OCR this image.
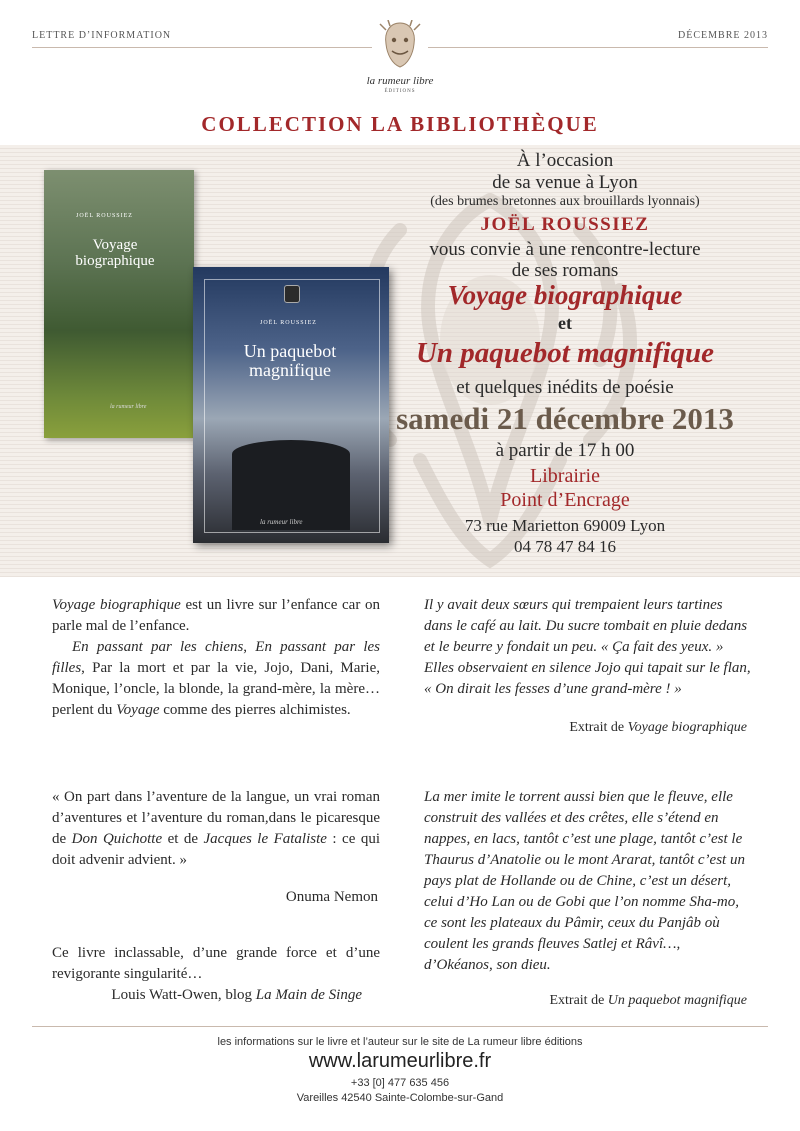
LETTRE D’INFORMATION	DÉCEMBRE 2013
la rumeur libre
ÉDITIONS
COLLECTION LA BIBLIOTHÈQUE
JOËL ROUSSIEZ
Voyage
biographique
la rumeur libre
JOËL ROUSSIEZ
Un paquebot
magnifique
la rumeur libre
À l’occasion
de sa venue à Lyon
(des brumes bretonnes aux brouillards lyonnais)
JOËL ROUSSIEZ
vous convie à une rencontre-lecture
de ses romans
Voyage biographique
et
Un paquebot magnifique
et quelques inédits de poésie
samedi 21 décembre 2013
à partir de 17 h 00
Librairie
Point d’Encrage
73 rue Marietton 69009 Lyon
04 78 47 84 16
Voyage biographique est un livre sur l’enfance car on parle mal de l’enfance.
En passant par les chiens, En passant par les filles, Par la mort et par la vie, Jojo, Dani, Marie, Monique, l’oncle, la blonde, la grand-mère, la mère… perlent du Voyage comme des pierres alchimistes.
« On part dans l’aventure de la langue, un vrai roman d’aventures et l’aventure du roman,dans le picaresque de Don Quichotte et de Jacques le Fataliste : ce qui doit advenir advient. »
Onuma Nemon
Ce livre inclassable, d’une grande force et d’une revigorante singularité…
Louis Watt-Owen, blog La Main de Singe
Il y avait deux sœurs qui trempaient leurs tartines dans le café au lait. Du sucre tombait en pluie dedans et le beurre y fondait un peu. « Ça fait des yeux. » Elles observaient en silence Jojo qui tapait sur le flan, « On dirait les fesses d’une grand-mère ! »
Extrait de Voyage biographique
La mer imite le torrent aussi bien que le fleuve, elle construit des vallées et des crêtes, elle s’étend en nappes, en lacs, tantôt c’est une plage, tantôt c’est le Thaurus d’Anatolie ou le mont Ararat, tantôt c’est un pays plat de Hollande ou de Chine, c’est un désert, celui d’Ho Lan ou de Gobi que l’on nomme Sha-mo, ce sont les plateaux du Pâmir, ceux du Panjâb où coulent les grands fleuves Satlej et Râvî…, d’Okéanos, son dieu.
Extrait de Un paquebot magnifique
les informations sur le livre et l’auteur sur le site de La rumeur libre éditions
www.larumeurlibre.fr
+33 [0] 477 635 456
Vareilles 42540 Sainte-Colombe-sur-Gand
